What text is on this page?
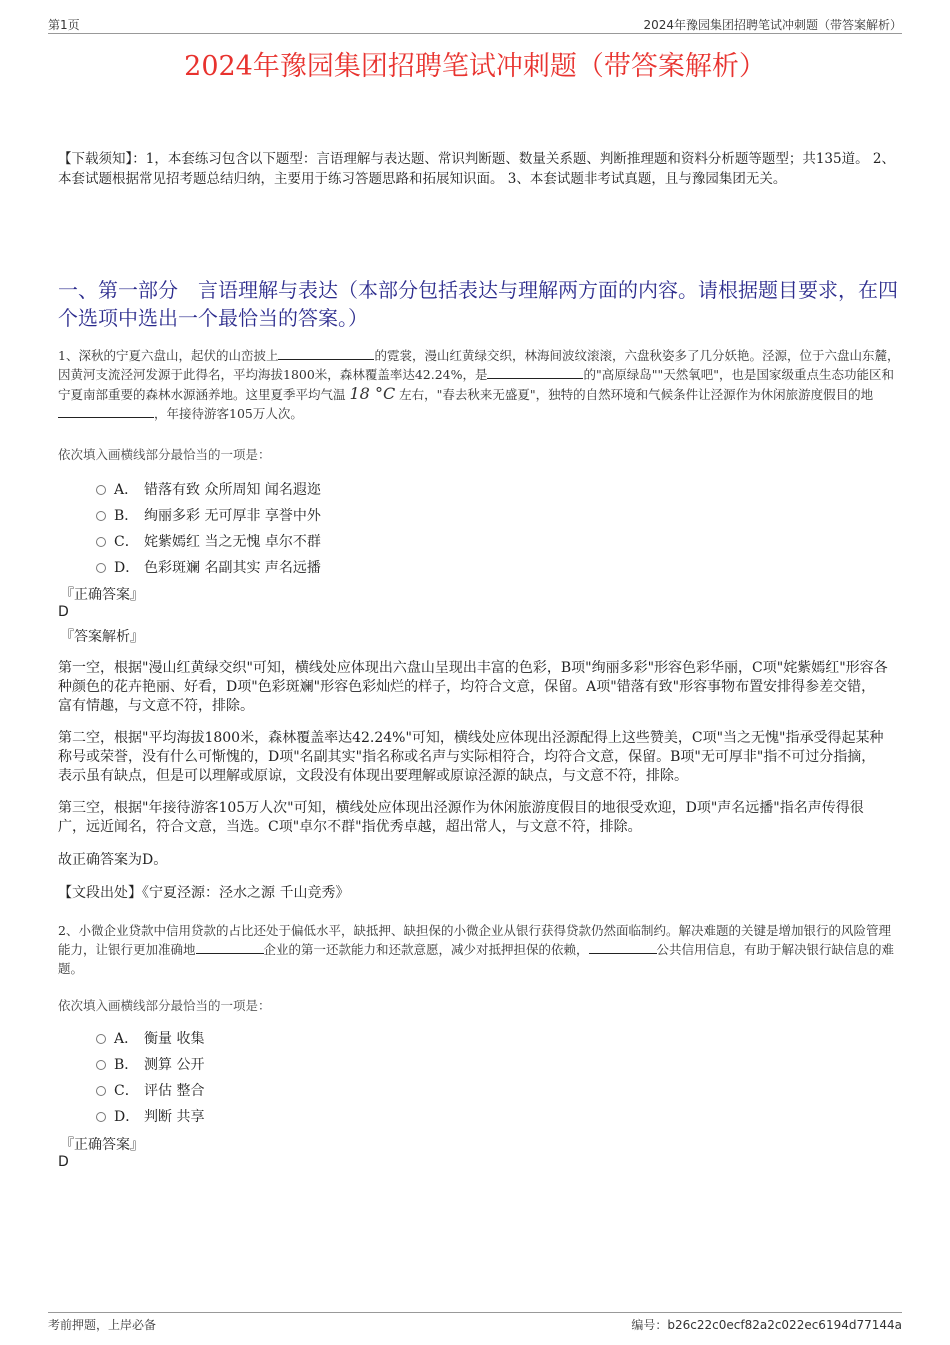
第1页	2024年豫园集团招聘笔试冲刺题（带答案解析）
2024年豫园集团招聘笔试冲刺题（带答案解析）
【下载须知】：1，本套练习包含以下题型：言语理解与表达题、常识判断题、数量关系题、判断推理题和资料分析题等题型；共135道。 2、本套试题根据常见招考题总结归纳，主要用于练习答题思路和拓展知识面。 3、本套试题非考试真题，且与豫园集团无关。
一、第一部分　言语理解与表达（本部分包括表达与理解两方面的内容。请根据题目要求，在四个选项中选出一个最恰当的答案。）
1、深秋的宁夏六盘山，起伏的山峦披上	的霓裳，漫山红黄绿交织，林海间波纹滚滚，六盘秋姿多了几分妖艳。泾源，位于六盘山东麓，因黄河支流泾河发源于此得名，平均海拔1800米，森林覆盖率达42.24%，是	的"高原绿岛""天然氧吧"，也是国家级重点生态功能区和宁夏南部重要的森林水源涵养地。这里夏季平均气温 18 °C 左右，"春去秋来无盛夏"，独特的自然环境和气候条件让泾源作为休闲旅游度假目的地，年接待游客105万人次。
依次填入画横线部分最恰当的一项是：
A． 错落有致 众所周知 闻名遐迩
B． 绚丽多彩 无可厚非 享誉中外
C． 姹紫嫣红 当之无愧 卓尔不群
D． 色彩斑斓 名副其实 声名远播
『正确答案』
D
『答案解析』
第一空，根据"漫山红黄绿交织"可知，横线处应体现出六盘山呈现出丰富的色彩，B项"绚丽多彩"形容色彩华丽，C项"姹紫嫣红"形容各种颜色的花卉艳丽、好看，D项"色彩斑斓"形容色彩灿烂的样子，均符合文意，保留。A项"错落有致"形容事物布置安排得参差交错，富有情趣，与文意不符，排除。
第二空，根据"平均海拔1800米，森林覆盖率达42.24%"可知，横线处应体现出泾源配得上这些赞美，C项"当之无愧"指承受得起某种称号或荣誉，没有什么可惭愧的，D项"名副其实"指名称或名声与实际相符合，均符合文意，保留。B项"无可厚非"指不可过分指摘，表示虽有缺点，但是可以理解或原谅，文段没有体现出要理解或原谅泾源的缺点，与文意不符，排除。
第三空，根据"年接待游客105万人次"可知，横线处应体现出泾源作为休闲旅游度假目的地很受欢迎，D项"声名远播"指名声传得很广，远近闻名，符合文意，当选。C项"卓尔不群"指优秀卓越，超出常人，与文意不符，排除。
故正确答案为D。
【文段出处】《宁夏泾源：泾水之源 千山竞秀》
2、小微企业贷款中信用贷款的占比还处于偏低水平，缺抵押、缺担保的小微企业从银行获得贷款仍然面临制约。解决难题的关键是增加银行的风险管理能力，让银行更加准确地	企业的第一还款能力和还款意愿，减少对抵押担保的依赖，	公共信用信息，有助于解决银行缺信息的难题。
依次填入画横线部分最恰当的一项是：
A． 衡量 收集
B． 测算 公开
C． 评估 整合
D． 判断 共享
『正确答案』
D
考前押题，上岸必备	编号：b26c22c0ecf82a2c022ec6194d77144a
